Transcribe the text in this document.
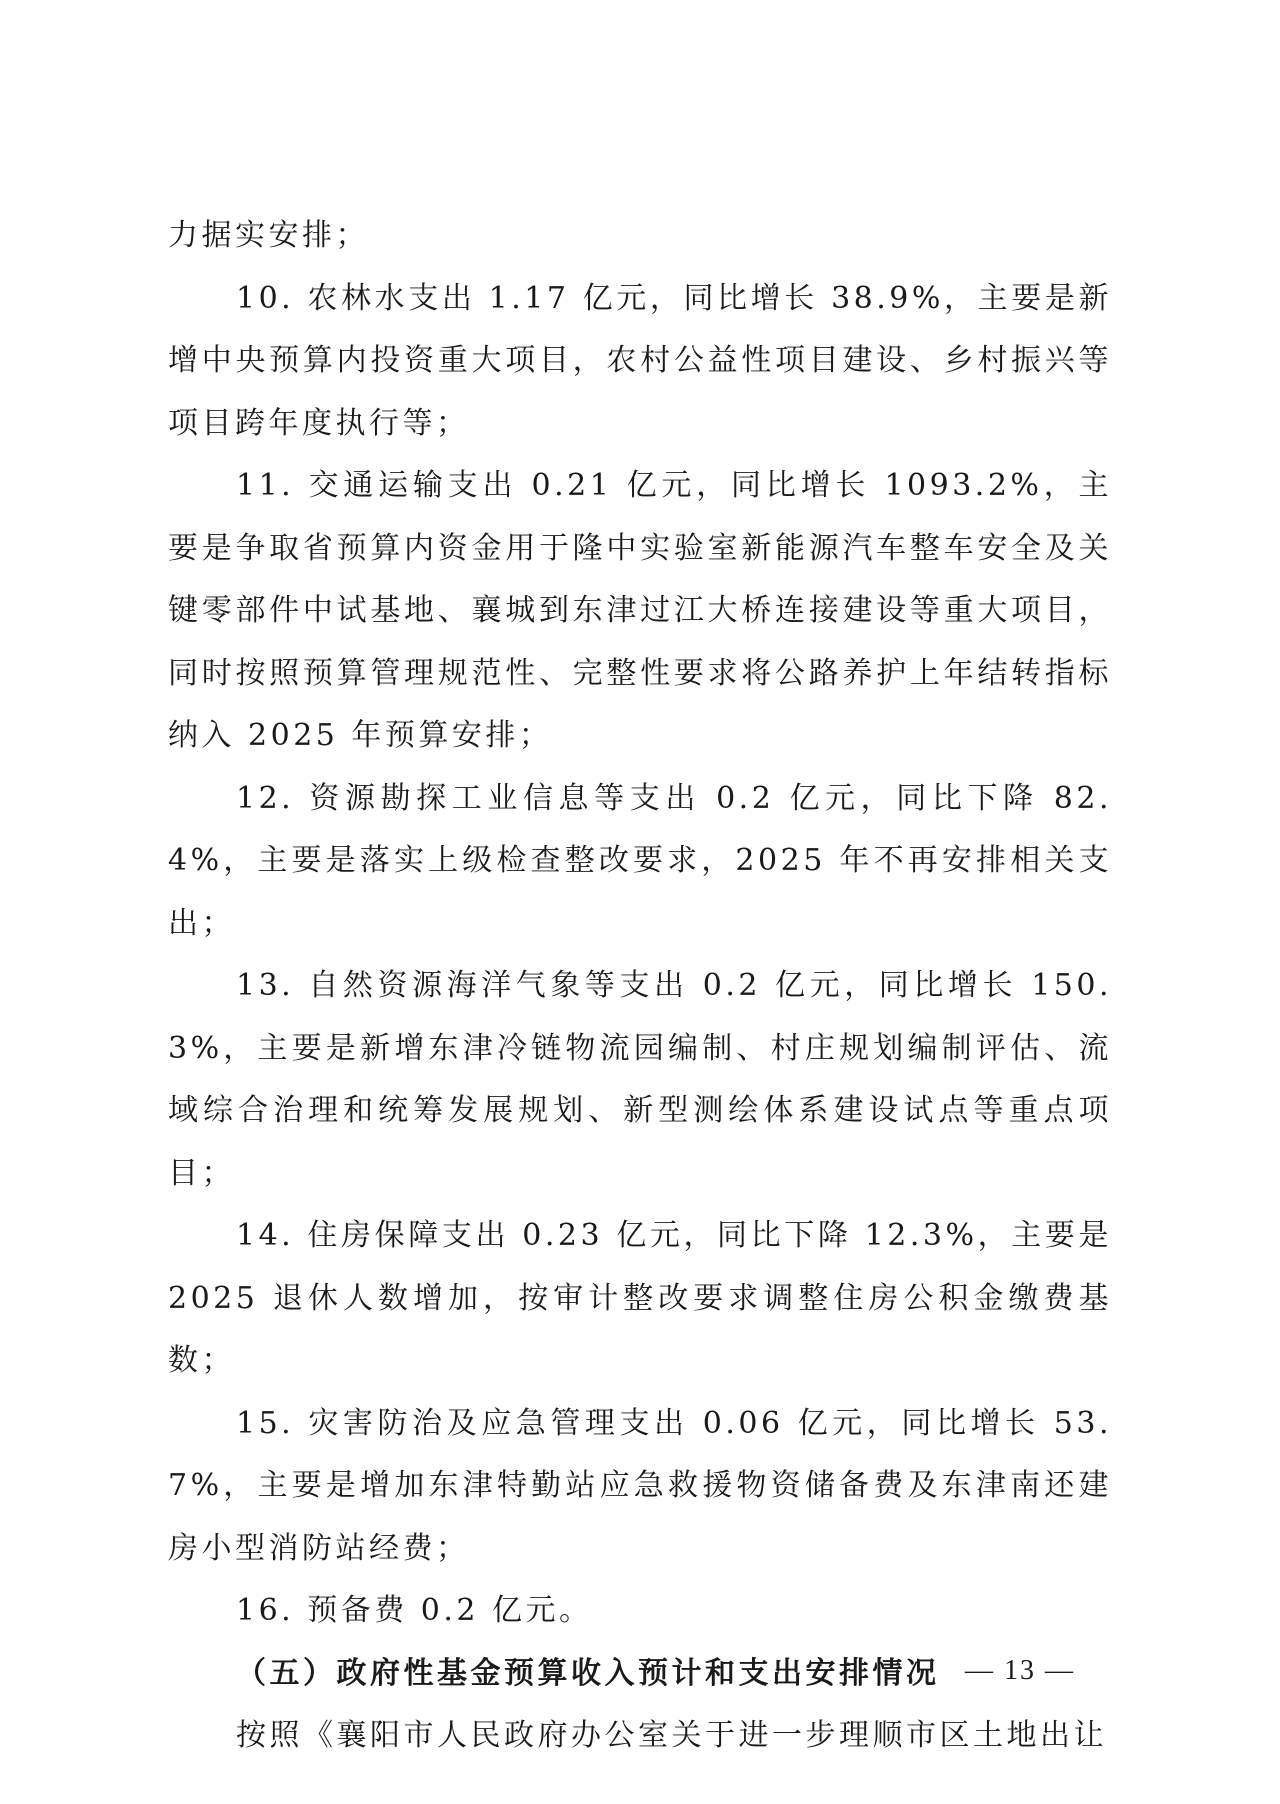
力据实安排；

10. 农林水支出 1.17 亿元，同比增长 38.9%，主要是新增中央预算内投资重大项目，农村公益性项目建设、乡村振兴等项目跨年度执行等；

11. 交通运输支出 0.21 亿元，同比增长 1093.2%，主要是争取省预算内资金用于隆中实验室新能源汽车整车安全及关键零部件中试基地、襄城到东津过江大桥连接建设等重大项目，同时按照预算管理规范性、完整性要求将公路养护上年结转指标纳入 2025 年预算安排；

12. 资源勘探工业信息等支出 0.2 亿元，同比下降 82.4%，主要是落实上级检查整改要求，2025 年不再安排相关支出；

13. 自然资源海洋气象等支出 0.2 亿元，同比增长 150.3%，主要是新增东津冷链物流园编制、村庄规划编制评估、流域综合治理和统筹发展规划、新型测绘体系建设试点等重点项目；

14. 住房保障支出 0.23 亿元，同比下降 12.3%，主要是 2025 退休人数增加，按审计整改要求调整住房公积金缴费基数；

15. 灾害防治及应急管理支出 0.06 亿元，同比增长 53.7%，主要是增加东津特勤站应急救援物资储备费及东津南还建房小型消防站经费；

16. 预备费 0.2 亿元。

（五）政府性基金预算收入预计和支出安排情况

按照《襄阳市人民政府办公室关于进一步理顺市区土地出让

— 13 —
